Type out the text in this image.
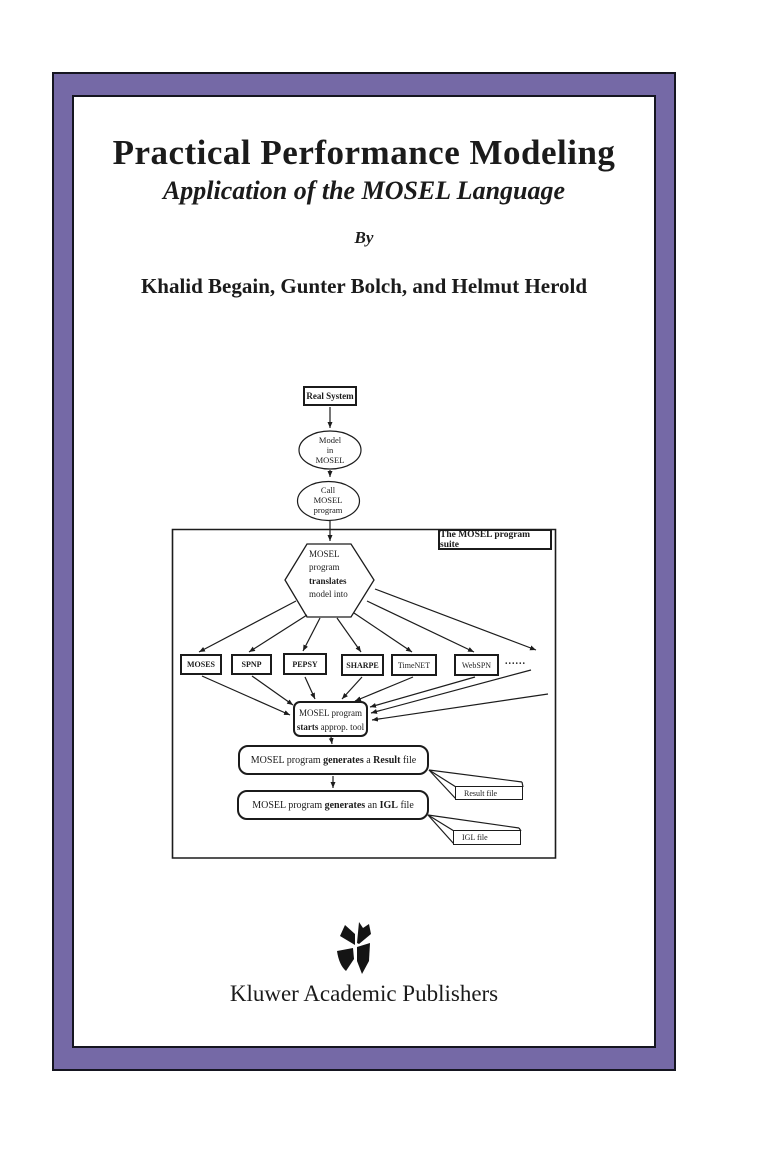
Practical Performance Modeling
Application of the MOSEL Language
By
Khalid Begain, Gunter Bolch, and Helmut Herold
Real System
Model
in
MOSEL
Call
MOSEL
program
The MOSEL program suite
MOSEL
program
translates
model into
MOSES	SPNP	PEPSY	SHARPE	TimeNET	WebSPN	......
MOSEL program
starts approp. tool
MOSEL program generates a Result file
MOSEL program generates an IGL file
Result file
IGL file
Kluwer Academic Publishers
